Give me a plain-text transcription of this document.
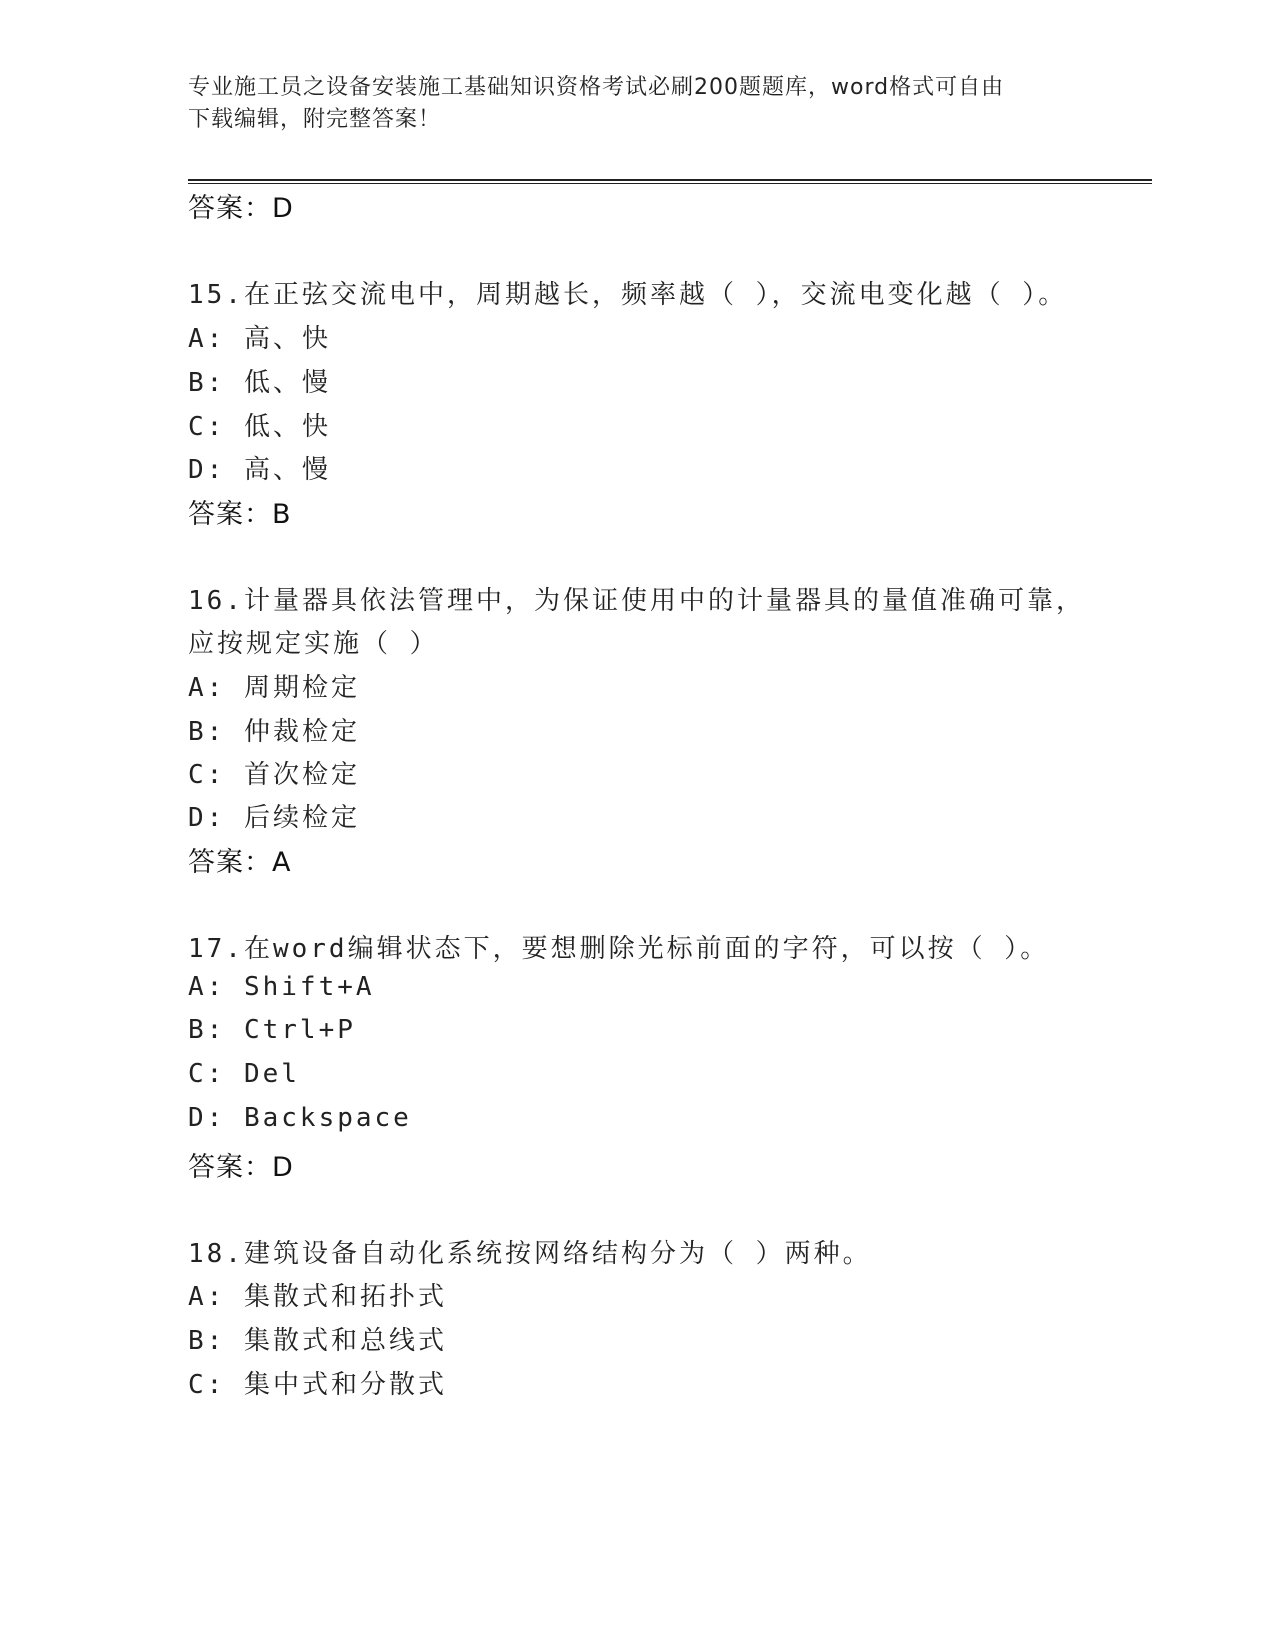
专业施工员之设备安装施工基础知识资格考试必刷200题题库，word格式可自由
下载编辑，附完整答案！
答案：D
15.在正弦交流电中，周期越长，频率越（ ），交流电变化越（ ）。
A: 高、快
B: 低、慢
C: 低、快
D: 高、慢
答案：B
16.计量器具依法管理中，为保证使用中的计量器具的量值准确可靠，
应按规定实施（ ）
A: 周期检定
B: 仲裁检定
C: 首次检定
D: 后续检定
答案：A
17.在word编辑状态下，要想删除光标前面的字符，可以按（ ）。
A: Shift+A
B: Ctrl+P
C: Del
D: Backspace
答案：D
18.建筑设备自动化系统按网络结构分为（ ）两种。
A: 集散式和拓扑式
B: 集散式和总线式
C: 集中式和分散式
